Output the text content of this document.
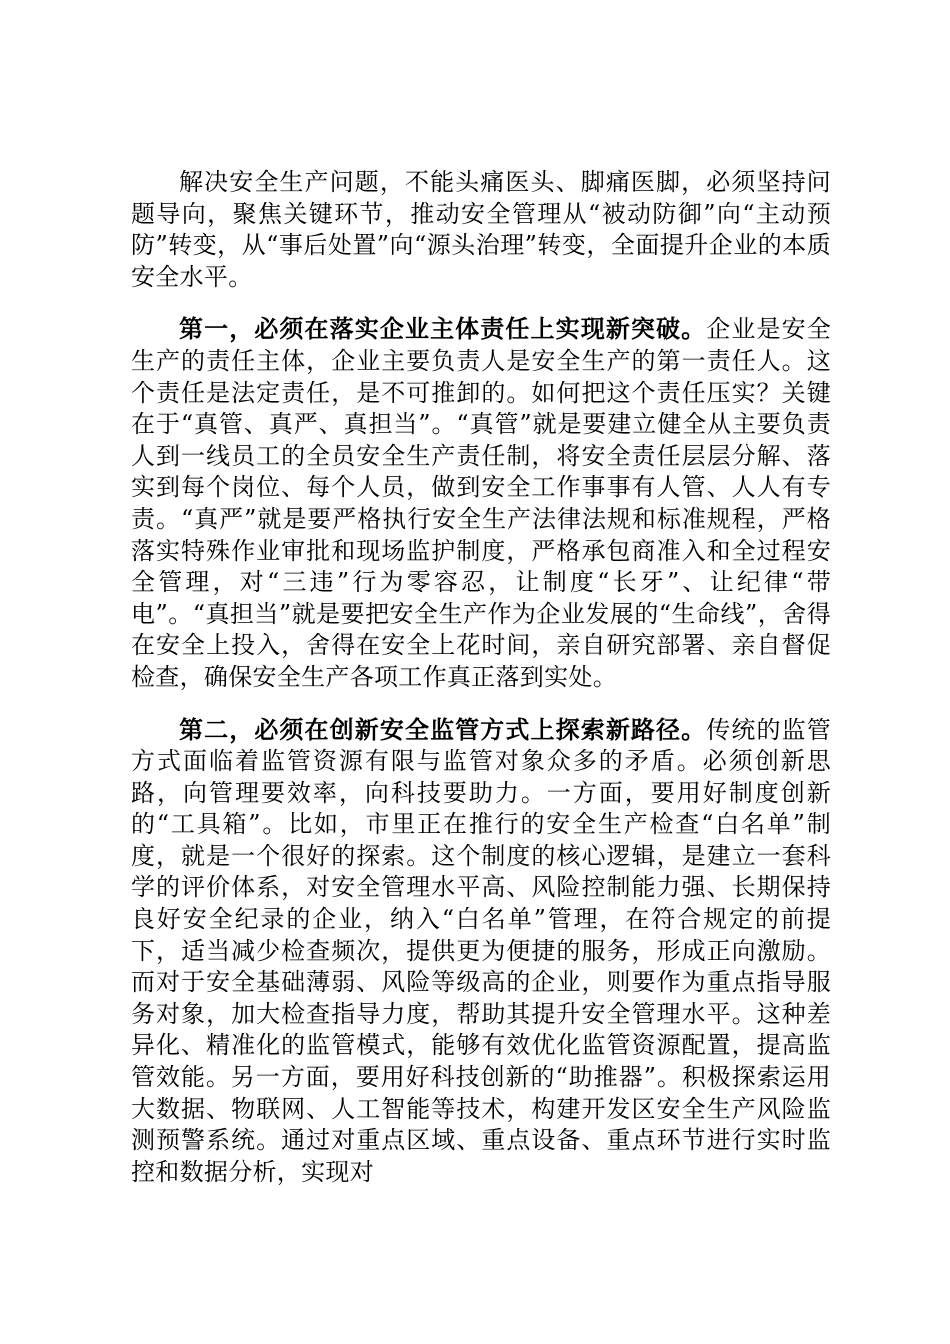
解决安全生产问题，不能头痛医头、脚痛医脚，必须坚持问题导向，聚焦关键环节，推动安全管理从“被动防御”向“主动预防”转变，从“事后处置”向“源头治理”转变，全面提升企业的本质安全水平。

第一，必须在落实企业主体责任上实现新突破。企业是安全生产的责任主体，企业主要负责人是安全生产的第一责任人。这个责任是法定责任，是不可推卸的。如何把这个责任压实？关键在于“真管、真严、真担当”。“真管”就是要建立健全从主要负责人到一线员工的全员安全生产责任制，将安全责任层层分解、落实到每个岗位、每个人员，做到安全工作事事有人管、人人有专责。“真严”就是要严格执行安全生产法律法规和标准规程，严格落实特殊作业审批和现场监护制度，严格承包商准入和全过程安全管理，对“三违”行为零容忍，让制度“长牙”、让纪律“带电”。“真担当”就是要把安全生产作为企业发展的“生命线”，舍得在安全上投入，舍得在安全上花时间，亲自研究部署、亲自督促检查，确保安全生产各项工作真正落到实处。

第二，必须在创新安全监管方式上探索新路径。传统的监管方式面临着监管资源有限与监管对象众多的矛盾。必须创新思路，向管理要效率，向科技要助力。一方面，要用好制度创新的“工具箱”。比如，市里正在推行的安全生产检查“白名单”制度，就是一个很好的探索。这个制度的核心逻辑，是建立一套科学的评价体系，对安全管理水平高、风险控制能力强、长期保持良好安全纪录的企业，纳入“白名单”管理，在符合规定的前提下，适当减少检查频次，提供更为便捷的服务，形成正向激励。而对于安全基础薄弱、风险等级高的企业，则要作为重点指导服务对象，加大检查指导力度，帮助其提升安全管理水平。这种差异化、精准化的监管模式，能够有效优化监管资源配置，提高监管效能。另一方面，要用好科技创新的“助推器”。积极探索运用大数据、物联网、人工智能等技术，构建开发区安全生产风险监测预警系统。通过对重点区域、重点设备、重点环节进行实时监控和数据分析，实现对
